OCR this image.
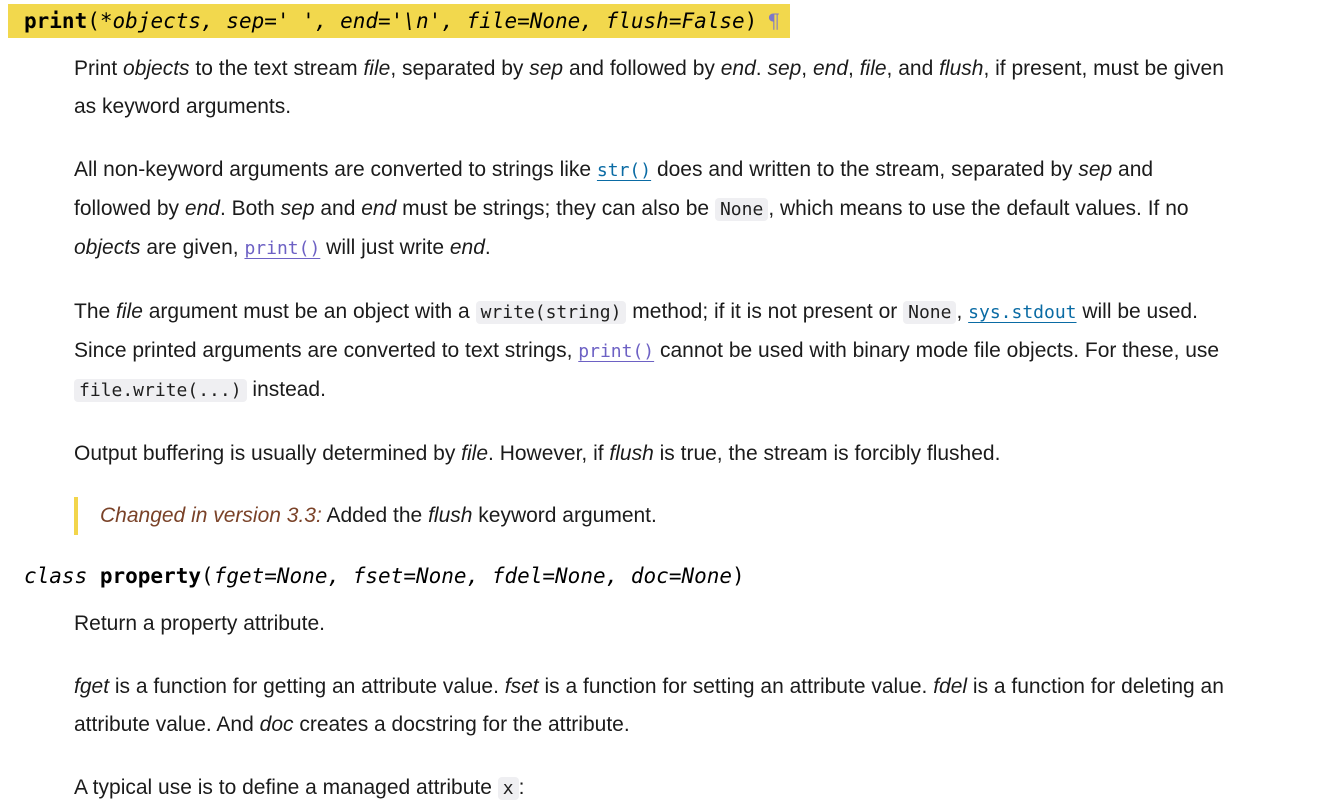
print(*objects, sep=' ', end='\n', file=None, flush=False) ¶

Print objects to the text stream file, separated by sep and followed by end. sep, end, file, and flush, if present, must be given as keyword arguments.

All non-keyword arguments are converted to strings like str() does and written to the stream, separated by sep and followed by end. Both sep and end must be strings; they can also be None , which means to use the default values. If no objects are given, print() will just write end.

The file argument must be an object with a write(string) method; if it is not present or None , sys.stdout will be used. Since printed arguments are converted to text strings, print() cannot be used with binary mode file objects. For these, use file.write(...) instead.

Output buffering is usually determined by file. However, if flush is true, the stream is forcibly flushed.

Changed in version 3.3: Added the flush keyword argument.

class property(fget=None, fset=None, fdel=None, doc=None)

Return a property attribute.

fget is a function for getting an attribute value. fset is a function for setting an attribute value. fdel is a function for deleting an attribute value. And doc creates a docstring for the attribute.

A typical use is to define a managed attribute x :
